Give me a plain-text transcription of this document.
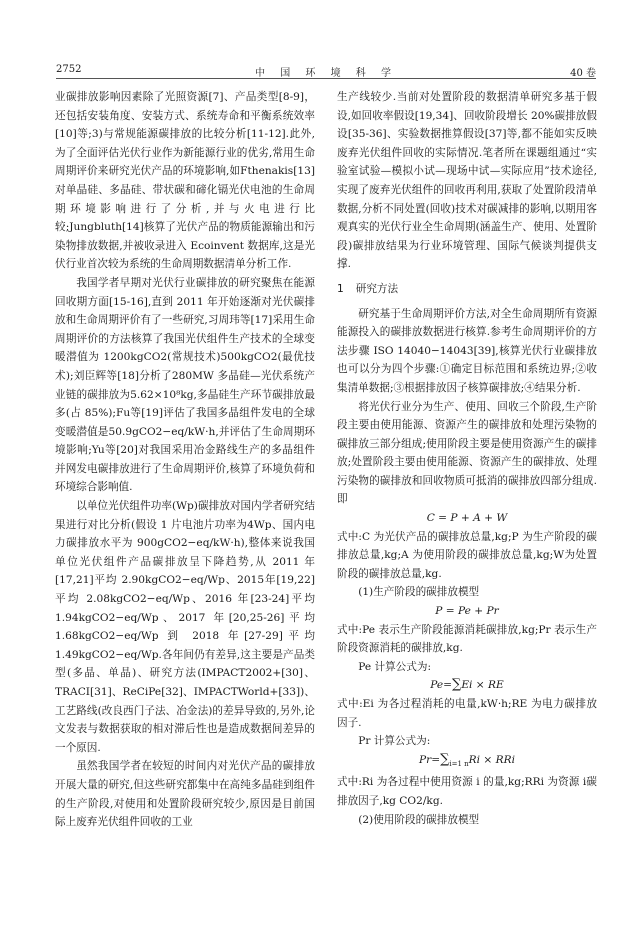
2752	中 国 环 境 科 学	40 卷

业碳排放影响因素除了光照资源[7]、产品类型[8-9]，还包括安装角度、安装方式、系统寿命和平衡系统效率[10]等;3)与常规能源碳排放的比较分析[11-12].此外,为了全面评估光伏行业作为新能源行业的优劣,常用生命周期评价来研究光伏产品的环境影响,如Fthenakis[13]对单晶硅、多晶硅、带状碳和碲化镉光伏电池的生命周期环境影响进行了分析,并与火电进行比较;Jungbluth[14]核算了光伏产品的物质能源输出和污染物排放数据,并被收录进入 Ecoinvent 数据库,这是光伏行业首次较为系统的生命周期数据清单分析工作.

我国学者早期对光伏行业碳排放的研究聚焦在能源回收期方面[15-16],直到 2011 年开始逐渐对光伏碳排放和生命周期评价有了一些研究,习周玮等[17]采用生命周期评价的方法核算了我国光伏组件生产技术的全球变暖潜值为 1200kgCO2(常规技术)500kgCO2(最优技术);刘臣辉等[18]分析了280MW 多晶硅—光伏系统产业链的碳排放为5.62×10⁸kg,多晶硅生产环节碳排放最多(占 85%);Fu等[19]评估了我国多晶组件发电的全球变暖潜值是50.9gCO2−eq/kW·h,并评估了生命周期环境影响;Yu等[20]对我国采用冶金路线生产的多晶组件并网发电碳排放进行了生命周期评价,核算了环境负荷和环境综合影响值.

以单位光伏组件功率(Wp)碳排放对国内学者研究结果进行对比分析(假设 1 片电池片功率为4Wp、国内电力碳排放水平为 900gCO2−eq/kW·h),整体来说我国单位光伏组件产品碳排放呈下降趋势,从 2011 年[17,21]平均 2.90kgCO2−eq/Wp、2015年[19,22]平均 2.08kgCO2−eq/Wp、2016 年[23-24]平均1.94kgCO2−eq/Wp、2017 年[20,25-26]平均1.68kgCO2−eq/Wp 到 2018 年[27-29]平均 1.49kgCO2−eq/Wp.各年间仍有差异,这主要是产品类型(多晶、单晶)、研究方法(IMPACT2002+[30]、TRACI[31]、ReCiPe[32]、IMPACTWorld+[33])、工艺路线(改良西门子法、冶金法)的差异导致的,另外,论文发表与数据获取的相对滞后性也是造成数据间差异的一个原因.

虽然我国学者在较短的时间内对光伏产品的碳排放开展大量的研究,但这些研究都集中在高纯多晶硅到组件的生产阶段,对使用和处置阶段研究较少,原因是目前国际上废弃光伏组件回收的工业

生产线较少.当前对处置阶段的数据清单研究多基于假设,如回收率假设[19,34]、回收阶段增长 20%碳排放假设[35-36]、实验数据推算假设[37]等,都不能如实反映废弃光伏组件回收的实际情况.笔者所在课题组通过“实验室试验—模拟小试—现场中试—实际应用”技术途径,实现了废弃光伏组件的回收再利用,获取了处置阶段清单数据,分析不同处置(回收)技术对碳减排的影响,以期用客观真实的光伏行业全生命周期(涵盖生产、使用、处置阶段)碳排放结果为行业环境管理、国际气候谈判提供支撑.

1 研究方法

研究基于生命周期评价方法,对全生命周期所有资源能源投入的碳排放数据进行核算.参考生命周期评价的方法步骤 ISO 14040−14043[39],核算光伏行业碳排放也可以分为四个步骤:①确定目标范围和系统边界;②收集清单数据;③根据排放因子核算碳排放;④结果分析.

将光伏行业分为生产、使用、回收三个阶段,生产阶段主要由使用能源、资源产生的碳排放和处理污染物的碳排放三部分组成;使用阶段主要是使用资源产生的碳排放;处置阶段主要由使用能源、资源产生的碳排放、处理污染物的碳排放和回收物质可抵消的碳排放四部分组成.即

C = P + A + W

式中:C 为光伏产品的碳排放总量,kg;P 为生产阶段的碳排放总量,kg;A 为使用阶段的碳排放总量,kg;W为处置阶段的碳排放总量,kg.

(1)生产阶段的碳排放模型

P = Pe + Pr

式中:Pe 表示生产阶段能源消耗碳排放,kg;Pr 表示生产阶段资源消耗的碳排放,kg.

Pe 计算公式为:

Pe=∑Ei × RE

式中:Ei 为各过程消耗的电量,kW·h;RE 为电力碳排放因子.

Pr 计算公式为:

$Pr=\sum_{i=1 n}Ri$ × RRi

式中:Ri 为各过程中使用资源 i 的量,kg;RRi 为资源 i碳排放因子,kg CO2/kg.

(2)使用阶段的碳排放模型
